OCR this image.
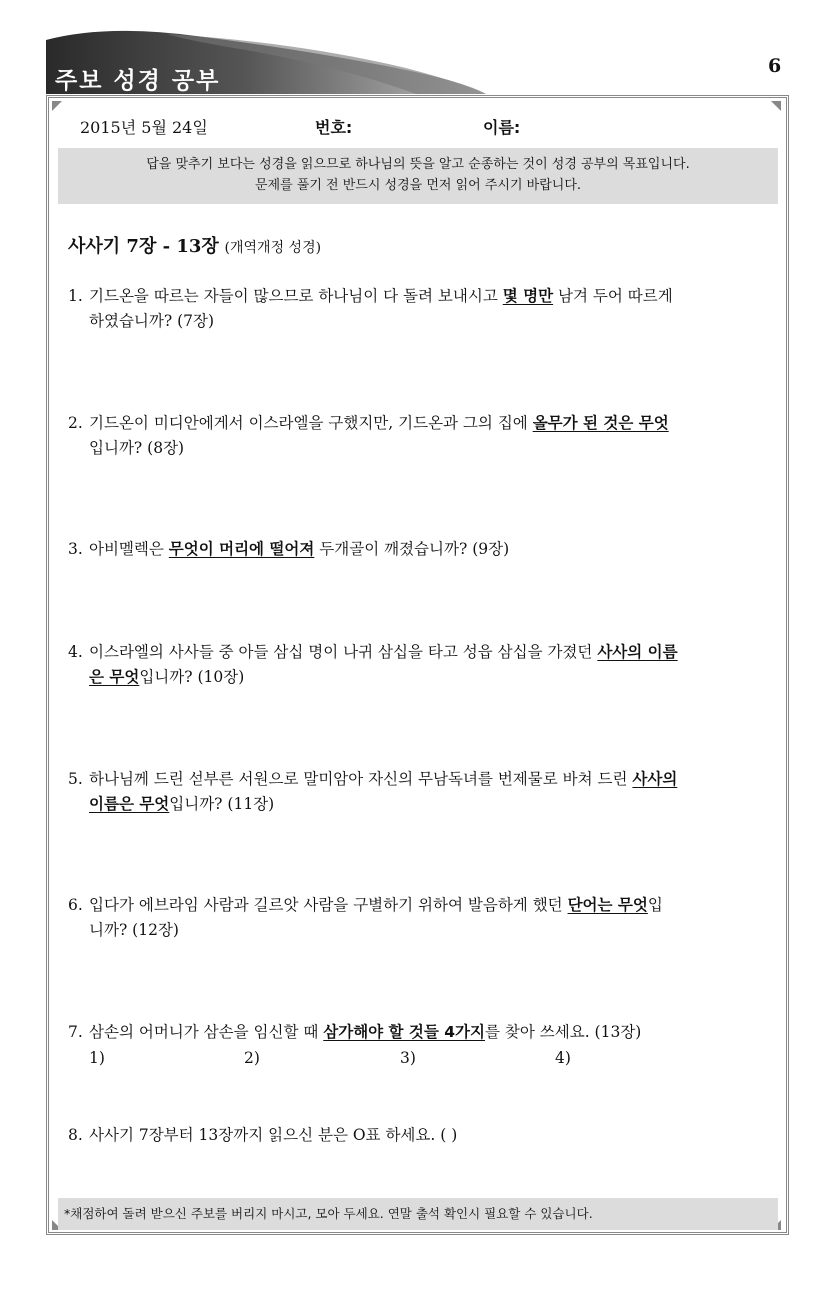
주보 성경 공부
6
2015년 5월 24일	번호:	이름:
답을 맞추기 보다는 성경을 읽으므로 하나님의 뜻을 알고 순종하는 것이 성경 공부의 목표입니다.
문제를 풀기 전 반드시 성경을 먼저 읽어 주시기 바랍니다.
사사기 7장 - 13장 (개역개정 성경)
1. 기드온을 따르는 자들이 많으므로 하나님이 다 돌려 보내시고 몇 명만 남겨 두어 따르게
하였습니까? (7장)
2. 기드온이 미디안에게서 이스라엘을 구했지만, 기드온과 그의 집에 올무가 된 것은 무엇
입니까? (8장)
3. 아비멜렉은 무엇이 머리에 떨어져 두개골이 깨졌습니까? (9장)
4. 이스라엘의 사사들 중 아들 삼십 명이 나귀 삼십을 타고 성읍 삼십을 가졌던 사사의 이름
은 무엇입니까? (10장)
5. 하나님께 드린 섣부른 서원으로 말미암아 자신의 무남독녀를 번제물로 바쳐 드린 사사의
이름은 무엇입니까? (11장)
6. 입다가 에브라임 사람과 길르앗 사람을 구별하기 위하여 발음하게 했던 단어는 무엇입
니까? (12장)
7. 삼손의 어머니가 삼손을 임신할 때 삼가해야 할 것들 4가지를 찾아 쓰세요. (13장)
1)	2)	3)	4)
8. 사사기 7장부터 13장까지 읽으신 분은 O표 하세요. ( )
*채점하여 돌려 받으신 주보를 버리지 마시고, 모아 두세요. 연말 출석 확인시 필요할 수 있습니다.
